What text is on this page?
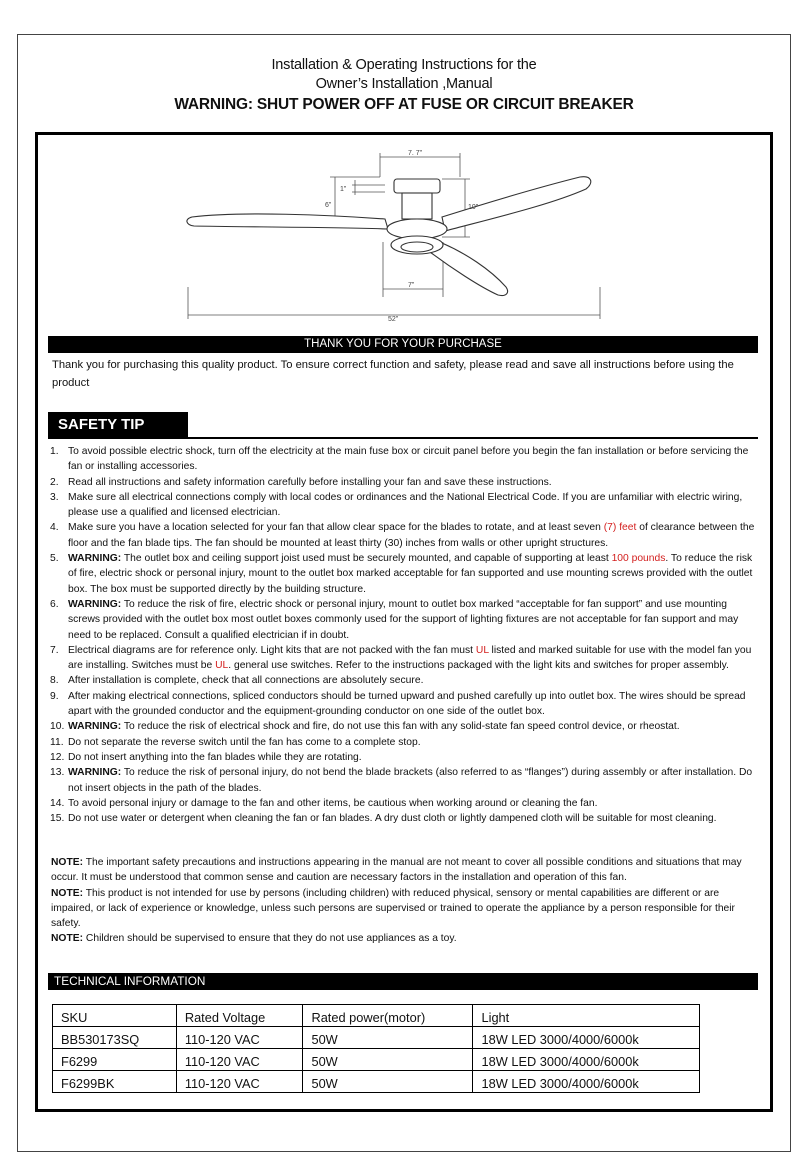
Installation & Operating Instructions for the
Owner’s Installation ,Manual
WARNING: SHUT POWER OFF AT FUSE OR CIRCUIT BREAKER
7. 7”
1”
6”	10”
7”
52”
THANK YOU FOR YOUR PURCHASE
Thank you for purchasing this quality product. To ensure correct function and safety, please read and save all instructions before using the product
SAFETY TIP
1. To avoid possible electric shock, turn off the electricity at the main fuse box or circuit panel before you begin the fan installation or before servicing the fan or installing accessories.
2. Read all instructions and safety information carefully before installing your fan and save these instructions.
3. Make sure all electrical connections comply with local codes or ordinances and the National Electrical Code. If you are unfamiliar with electric wiring, please use a qualified and licensed electrician.
4. Make sure you have a location selected for your fan that allow clear space for the blades to rotate, and at least seven (7) feet of clearance between the floor and the fan blade tips. The fan should be mounted at least thirty (30) inches from walls or other upright structures.
5. WARNING: The outlet box and ceiling support joist used must be securely mounted, and capable of supporting at least 100 pounds. To reduce the risk of fire, electric shock or personal injury, mount to the outlet box marked acceptable for fan supported and use mounting screws provided with the outlet box. The box must be supported directly by the building structure.
6. WARNING: To reduce the risk of fire, electric shock or personal injury, mount to outlet box marked “acceptable for fan support” and use mounting screws provided with the outlet box most outlet boxes commonly used for the support of lighting fixtures are not acceptable for fan support and may need to be replaced. Consult a qualified electrician if in doubt.
7. Electrical diagrams are for reference only. Light kits that are not packed with the fan must UL listed and marked suitable for use with the model fan you are installing. Switches must be UL. general use switches. Refer to the instructions packaged with the light kits and switches for proper assembly.
8. After installation is complete, check that all connections are absolutely secure.
9. After making electrical connections, spliced conductors should be turned upward and pushed carefully up into outlet box. The wires should be spread apart with the grounded conductor and the equipment-grounding conductor on one side of the outlet box.
10. WARNING: To reduce the risk of electrical shock and fire, do not use this fan with any solid-state fan speed control device, or rheostat.
11. Do not separate the reverse switch until the fan has come to a complete stop.
12. Do not insert anything into the fan blades while they are rotating.
13. WARNING: To reduce the risk of personal injury, do not bend the blade brackets (also referred to as “flanges”) during assembly or after installation. Do not insert objects in the path of the blades.
14. To avoid personal injury or damage to the fan and other items, be cautious when working around or cleaning the fan.
15. Do not use water or detergent when cleaning the fan or fan blades. A dry dust cloth or lightly dampened cloth will be suitable for most cleaning.

NOTE: The important safety precautions and instructions appearing in the manual are not meant to cover all possible conditions and situations that may occur. It must be understood that common sense and caution are necessary factors in the installation and operation of this fan.

NOTE: This product is not intended for use by persons (including children) with reduced physical, sensory or mental capabilities are different or are impaired, or lack of experience or knowledge, unless such persons are supervised or trained to operate the appliance by a person responsible for their safety.

NOTE: Children should be supervised to ensure that they do not use appliances as a toy.

TECHNICAL INFORMATION
SKU	Rated Voltage	Rated power(motor)	Light
BB530173SQ	110-120 VAC	50W	18W LED 3000/4000/6000k
F6299	110-120 VAC	50W	18W LED 3000/4000/6000k
F6299BK	110-120 VAC	50W	18W LED 3000/4000/6000k
